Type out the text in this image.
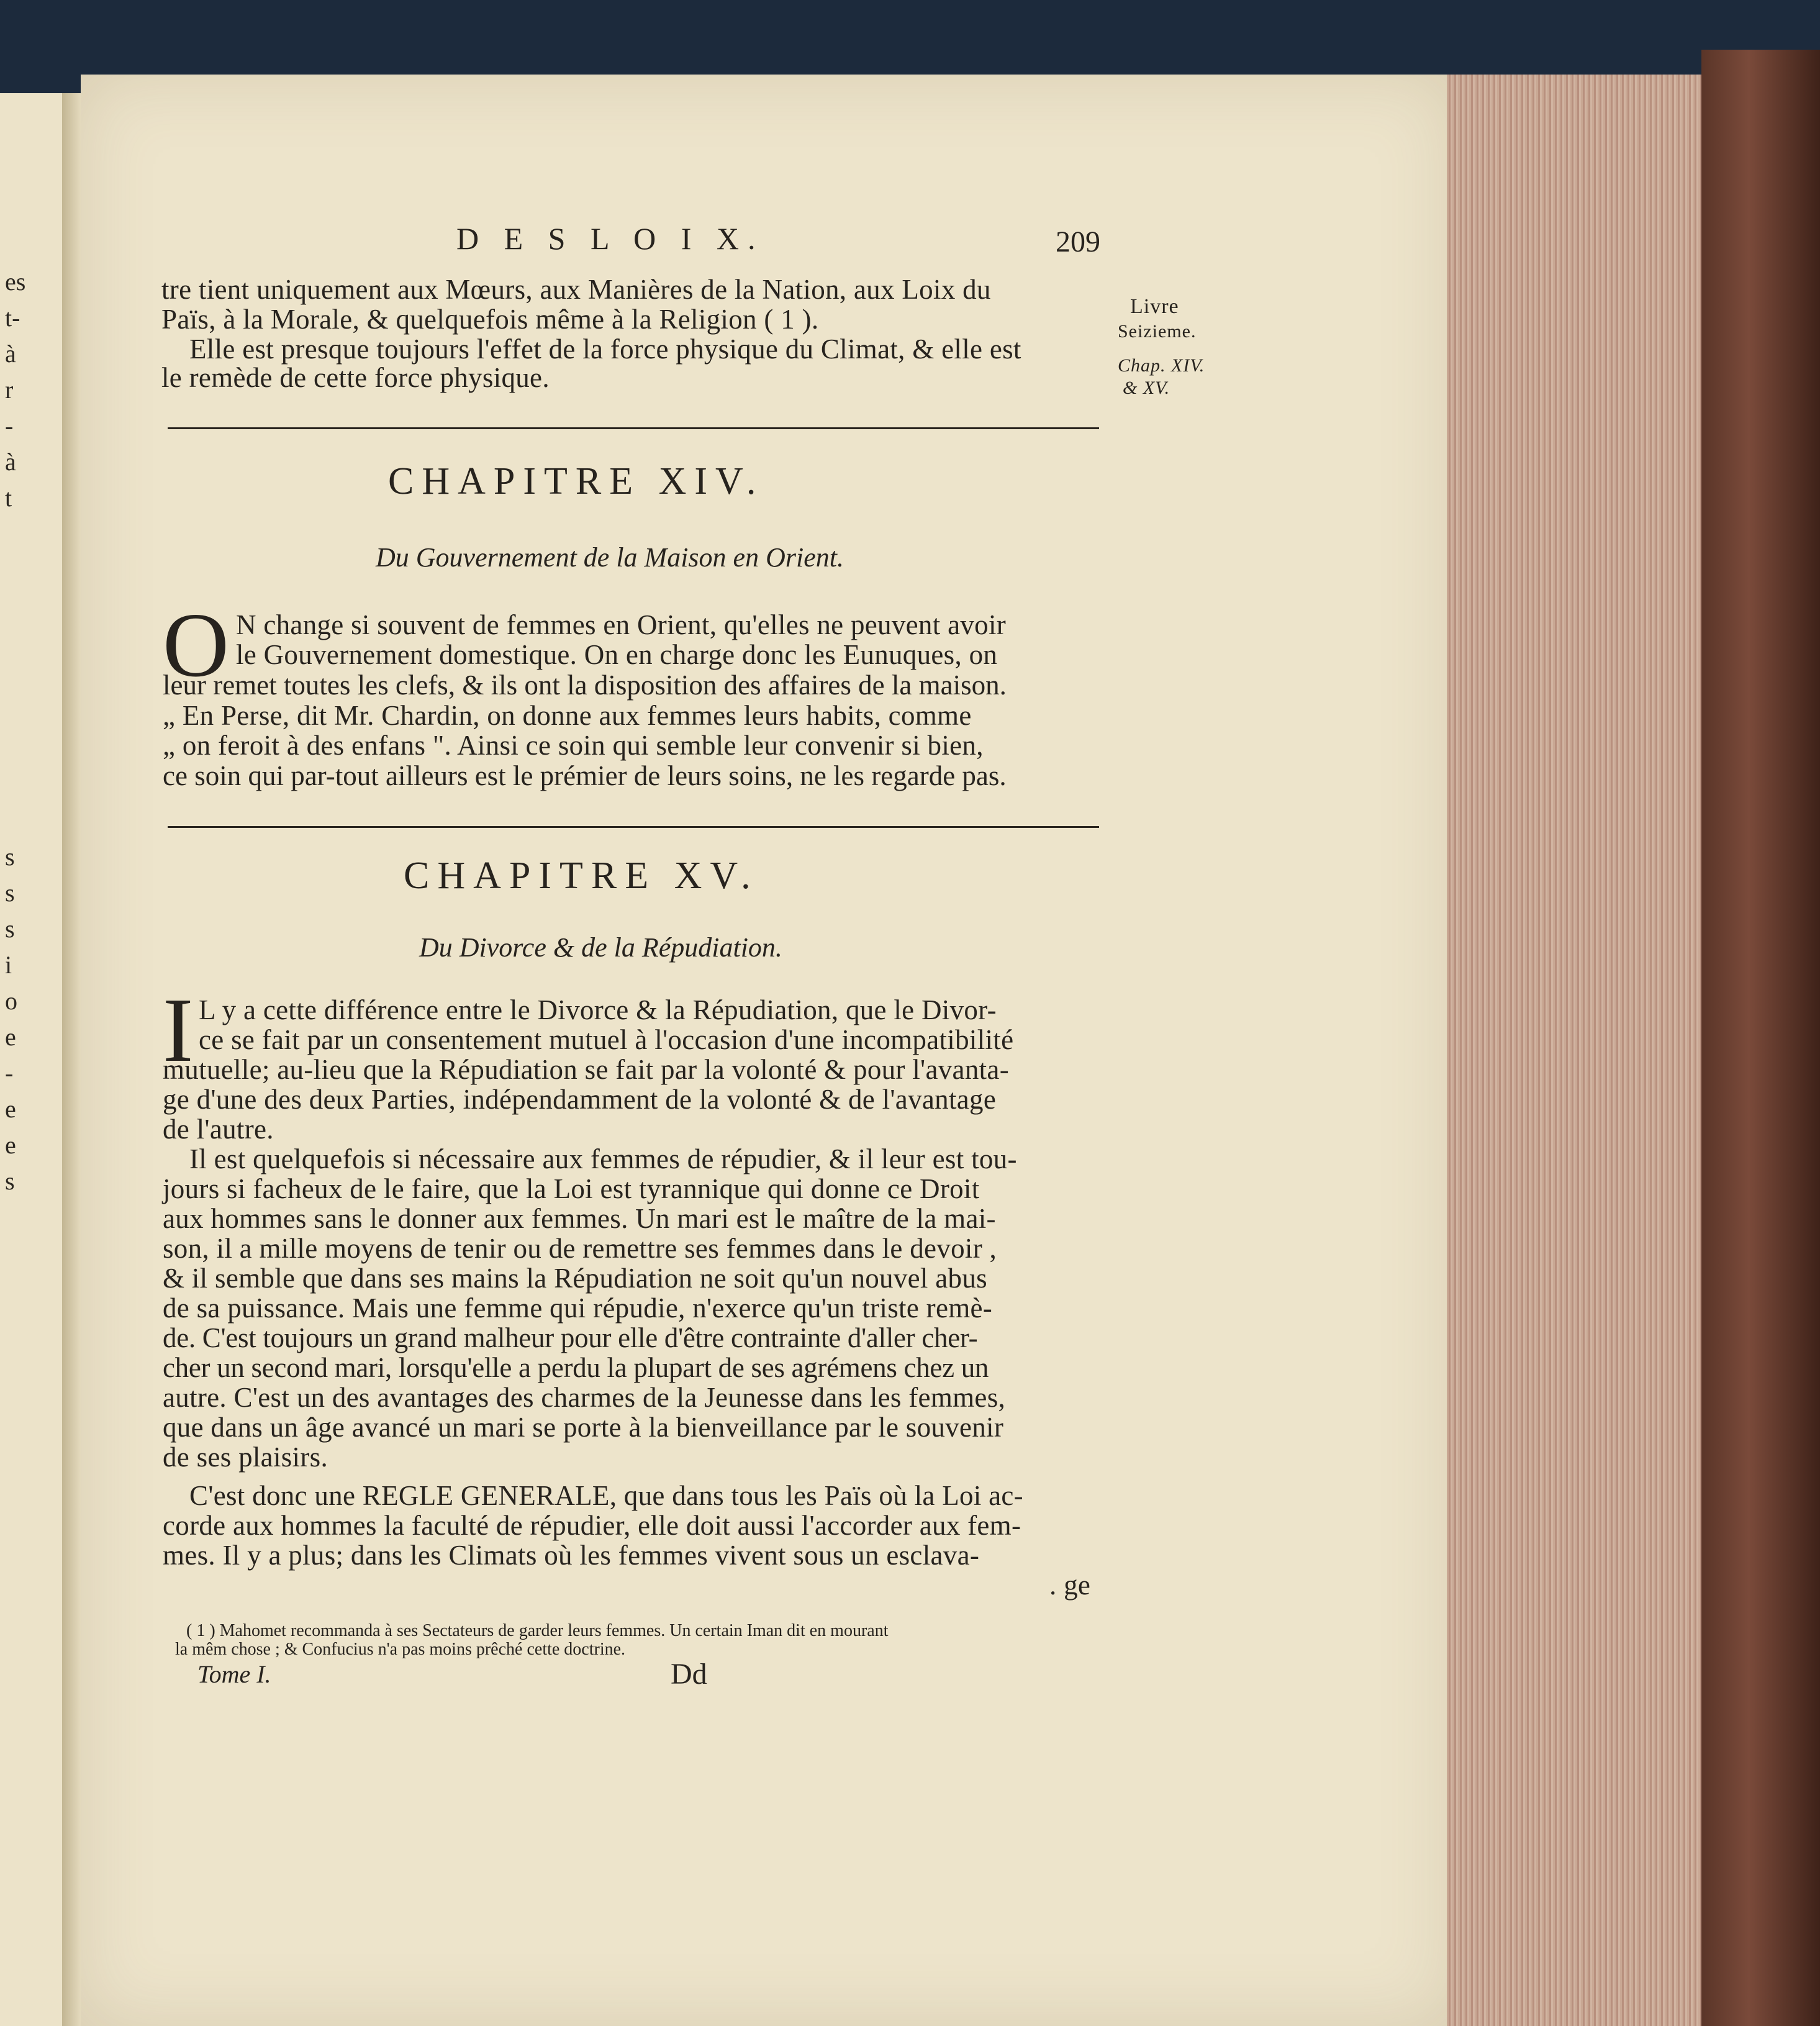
es
t-
à
r
-
à
t
s
s
s
i
o
e
-
e
e
s
D E S L O I X.	209
Livre
Seizieme.
Chap. XIV.
& XV.
tre tient uniquement aux Mœurs, aux Manières de la Nation, aux Loix du
Païs, à la Morale, & quelquefois même à la Religion ( 1 ).
Elle est presque toujours l'effet de la force physique du Climat, & elle est
le remède de cette force physique.
CHAPITRE XIV.
Du Gouvernement de la Maison en Orient.
O N change si souvent de femmes en Orient, qu'elles ne peuvent avoir
le Gouvernement domestique. On en charge donc les Eunuques, on
leur remet toutes les clefs, & ils ont la disposition des affaires de la maison.
„ En Perse, dit Mr. Chardin, on donne aux femmes leurs habits, comme
„ on feroit à des enfans ". Ainsi ce soin qui semble leur convenir si bien,
ce soin qui par-tout ailleurs est le prémier de leurs soins, ne les regarde pas.
CHAPITRE XV.
Du Divorce & de la Répudiation.
I L y a cette différence entre le Divorce & la Répudiation, que le Divor-
ce se fait par un consentement mutuel à l'occasion d'une incompatibilité
mutuelle; au-lieu que la Répudiation se fait par la volonté & pour l'avanta-
ge d'une des deux Parties, indépendamment de la volonté & de l'avantage
de l'autre.
Il est quelquefois si nécessaire aux femmes de répudier, & il leur est tou-
jours si facheux de le faire, que la Loi est tyrannique qui donne ce Droit
aux hommes sans le donner aux femmes. Un mari est le maître de la mai-
son, il a mille moyens de tenir ou de remettre ses femmes dans le devoir ,
& il semble que dans ses mains la Répudiation ne soit qu'un nouvel abus
de sa puissance. Mais une femme qui répudie, n'exerce qu'un triste remè-
de. C'est toujours un grand malheur pour elle d'être contrainte d'aller cher-
cher un second mari, lorsqu'elle a perdu la plupart de ses agrémens chez un
autre. C'est un des avantages des charmes de la Jeunesse dans les femmes,
que dans un âge avancé un mari se porte à la bienveillance par le souvenir
de ses plaisirs.
C'est donc une REGLE GENERALE, que dans tous les Païs où la Loi ac-
corde aux hommes la faculté de répudier, elle doit aussi l'accorder aux fem-
mes. Il y a plus; dans les Climats où les femmes vivent sous un esclava-
. ge
( 1 ) Mahomet recommanda à ses Sectateurs de garder leurs femmes. Un certain Iman dit en mourant
la mêm chose ; & Confucius n'a pas moins prêché cette doctrine.
Tome I.	Dd
